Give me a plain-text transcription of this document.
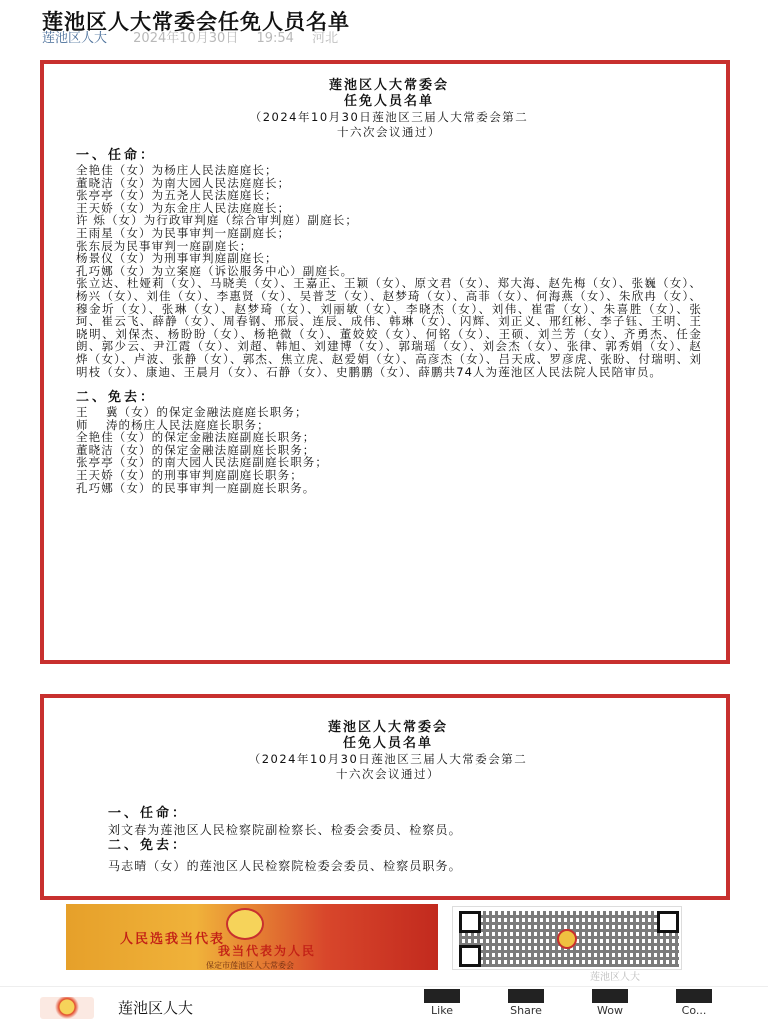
莲池区人大常委会任免人员名单
莲池区人大 2024年10月30日 19:54 河北
莲池区人大常委会
任免人员名单
（2024年10月30日莲池区三届人大常委会第二
十六次会议通过）
一、任命：
全艳佳（女）为杨庄人民法庭庭长；
董晓洁（女）为南大园人民法庭庭长；
张亭亭（女）为五尧人民法庭庭长；
王天娇（女）为东金庄人民法庭庭长；
许 烁（女）为行政审判庭（综合审判庭）副庭长；
王雨星（女）为民事审判一庭副庭长；
张东辰为民事审判一庭副庭长；
杨景仪（女）为刑事审判庭副庭长；
孔巧娜（女）为立案庭（诉讼服务中心）副庭长。
张立达、杜娅莉（女）、马晓美（女）、王嘉正、王颖（女）、原文君（女）、郑大海、赵先梅（女）、张巍（女）、杨兴（女）、刘佳（女）、李惠贤（女）、吴普芝（女）、赵梦琦（女）、高菲（女）、何海燕（女）、朱欣冉（女）、穆金圻（女）、张琳（女）、赵梦琦（女）、刘丽敏（女）、李晓杰（女）、刘伟、崔雷（女）、朱喜胜（女）、张珂、崔云飞、薛静（女）、周春钢、邢辰、连辰、成伟、韩琳（女）、闪辉、刘正义、邢红彬、李子钰、王明、王晓明、刘保杰、杨盼盼（女）、杨艳微（女）、董姣姣（女）、何铭（女）、王硕、刘兰芳（女）、齐勇杰、任金朗、郭少云、尹江霞（女）、刘超、韩旭、刘建博（女）、郭瑞瑶（女）、刘会杰（女）、张律、郭秀娟（女）、赵烨（女）、卢波、张静（女）、郭杰、焦立虎、赵爱娟（女）、高彦杰（女）、吕天成、罗彦虎、张盼、付瑞明、刘明枝（女）、康迪、王晨月（女）、石静（女）、史鹏鹏（女）、薛鹏共74人为莲池区人民法院人民陪审员。
二、免去：
王 　冀（女）的保定金融法庭庭长职务；
师 　涛的杨庄人民法庭庭长职务；
全艳佳（女）的保定金融法庭副庭长职务；
董晓洁（女）的保定金融法庭副庭长职务；
张亭亭（女）的南大园人民法庭副庭长职务；
王天娇（女）的刑事审判庭副庭长职务；
孔巧娜（女）的民事审判一庭副庭长职务。
莲池区人大常委会
任免人员名单
（2024年10月30日莲池区三届人大常委会第二
十六次会议通过）
一、任命：
刘文春为莲池区人民检察院副检察长、检委会委员、检察员。
二、免去：
马志晴（女）的莲池区人民检察院检委会委员、检察员职务。
人民选我当代表
我当代表为人民
保定市莲池区人大常委会
莲池区人大
莲池区人大	Like	Share	Wow	Co...
